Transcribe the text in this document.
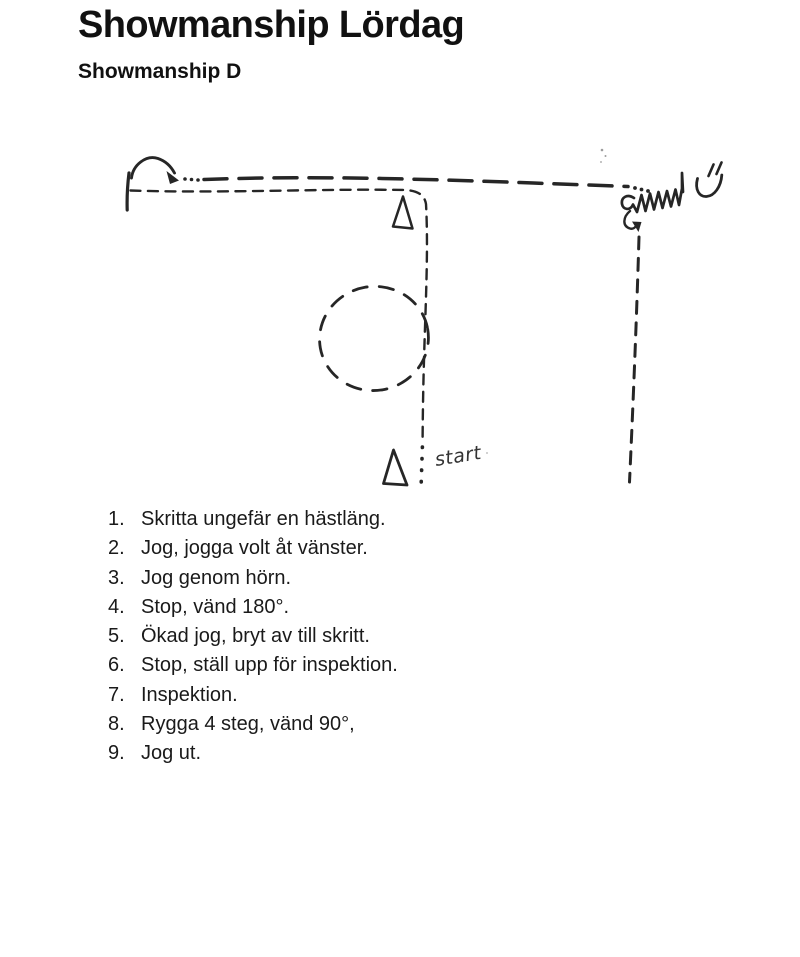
Showmanship Lördag
Showmanship D
start
Skritta ungefär en hästläng.
Jog, jogga volt åt vänster.
Jog genom hörn.
Stop, vänd 180°.
Ökad jog, bryt av till skritt.
Stop, ställ upp för inspektion.
Inspektion.
Rygga 4 steg, vänd 90°,
Jog ut.
